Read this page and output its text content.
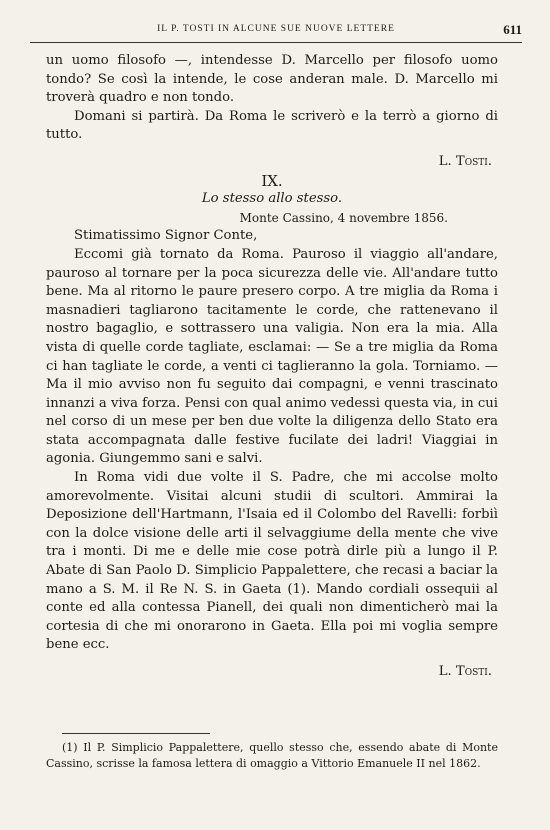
IL P. TOSTI IN ALCUNE SUE NUOVE LETTERE	611

un uomo filosofo —, intendesse D. Marcello per filosofo uomo tondo? Se così la intende, le cose anderan male. D. Marcello mi troverà quadro e non tondo.

Domani si partirà. Da Roma le scriverò e la terrò a giorno di tutto.

L. Tosti.

IX.

Lo stesso allo stesso.

Monte Cassino, 4 novembre 1856.

Stimatissimo Signor Conte,

Eccomi già tornato da Roma. Pauroso il viaggio all'andare, pauroso al tornare per la poca sicurezza delle vie. All'andare tutto bene. Ma al ritorno le paure presero corpo. A tre miglia da Roma i masnadieri tagliarono tacitamente le corde, che rattenevano il nostro bagaglio, e sottrassero una valigia. Non era la mia. Alla vista di quelle corde tagliate, esclamai: — Se a tre miglia da Roma ci han tagliate le corde, a venti ci taglieranno la gola. Torniamo. — Ma il mio avviso non fu seguito dai compagni, e venni trascinato innanzi a viva forza. Pensi con qual animo vedessi questa via, in cui nel corso di un mese per ben due volte la diligenza dello Stato era stata accompagnata dalle festive fucilate dei ladri! Viaggiai in agonia. Giungemmo sani e salvi.

In Roma vidi due volte il S. Padre, che mi accolse molto amorevolmente. Visitai alcuni studii di scultori. Ammirai la Deposizione dell'Hartmann, l'Isaia ed il Colombo del Ravelli: forbiì con la dolce visione delle arti il selvaggiume della mente che vive tra i monti. Di me e delle mie cose potrà dirle più a lungo il P. Abate di San Paolo D. Simplicio Pappalettere, che recasi a baciar la mano a S. M. il Re N. S. in Gaeta (1). Mando cordiali ossequii al conte ed alla contessa Pianell, dei quali non dimenticherò mai la cortesia di che mi onorarono in Gaeta. Ella poi mi voglia sempre bene ecc.

L. Tosti.

(1) Il P. Simplicio Pappalettere, quello stesso che, essendo abate di Monte Cassino, scrisse la famosa lettera di omaggio a Vittorio Emanuele II nel 1862.
